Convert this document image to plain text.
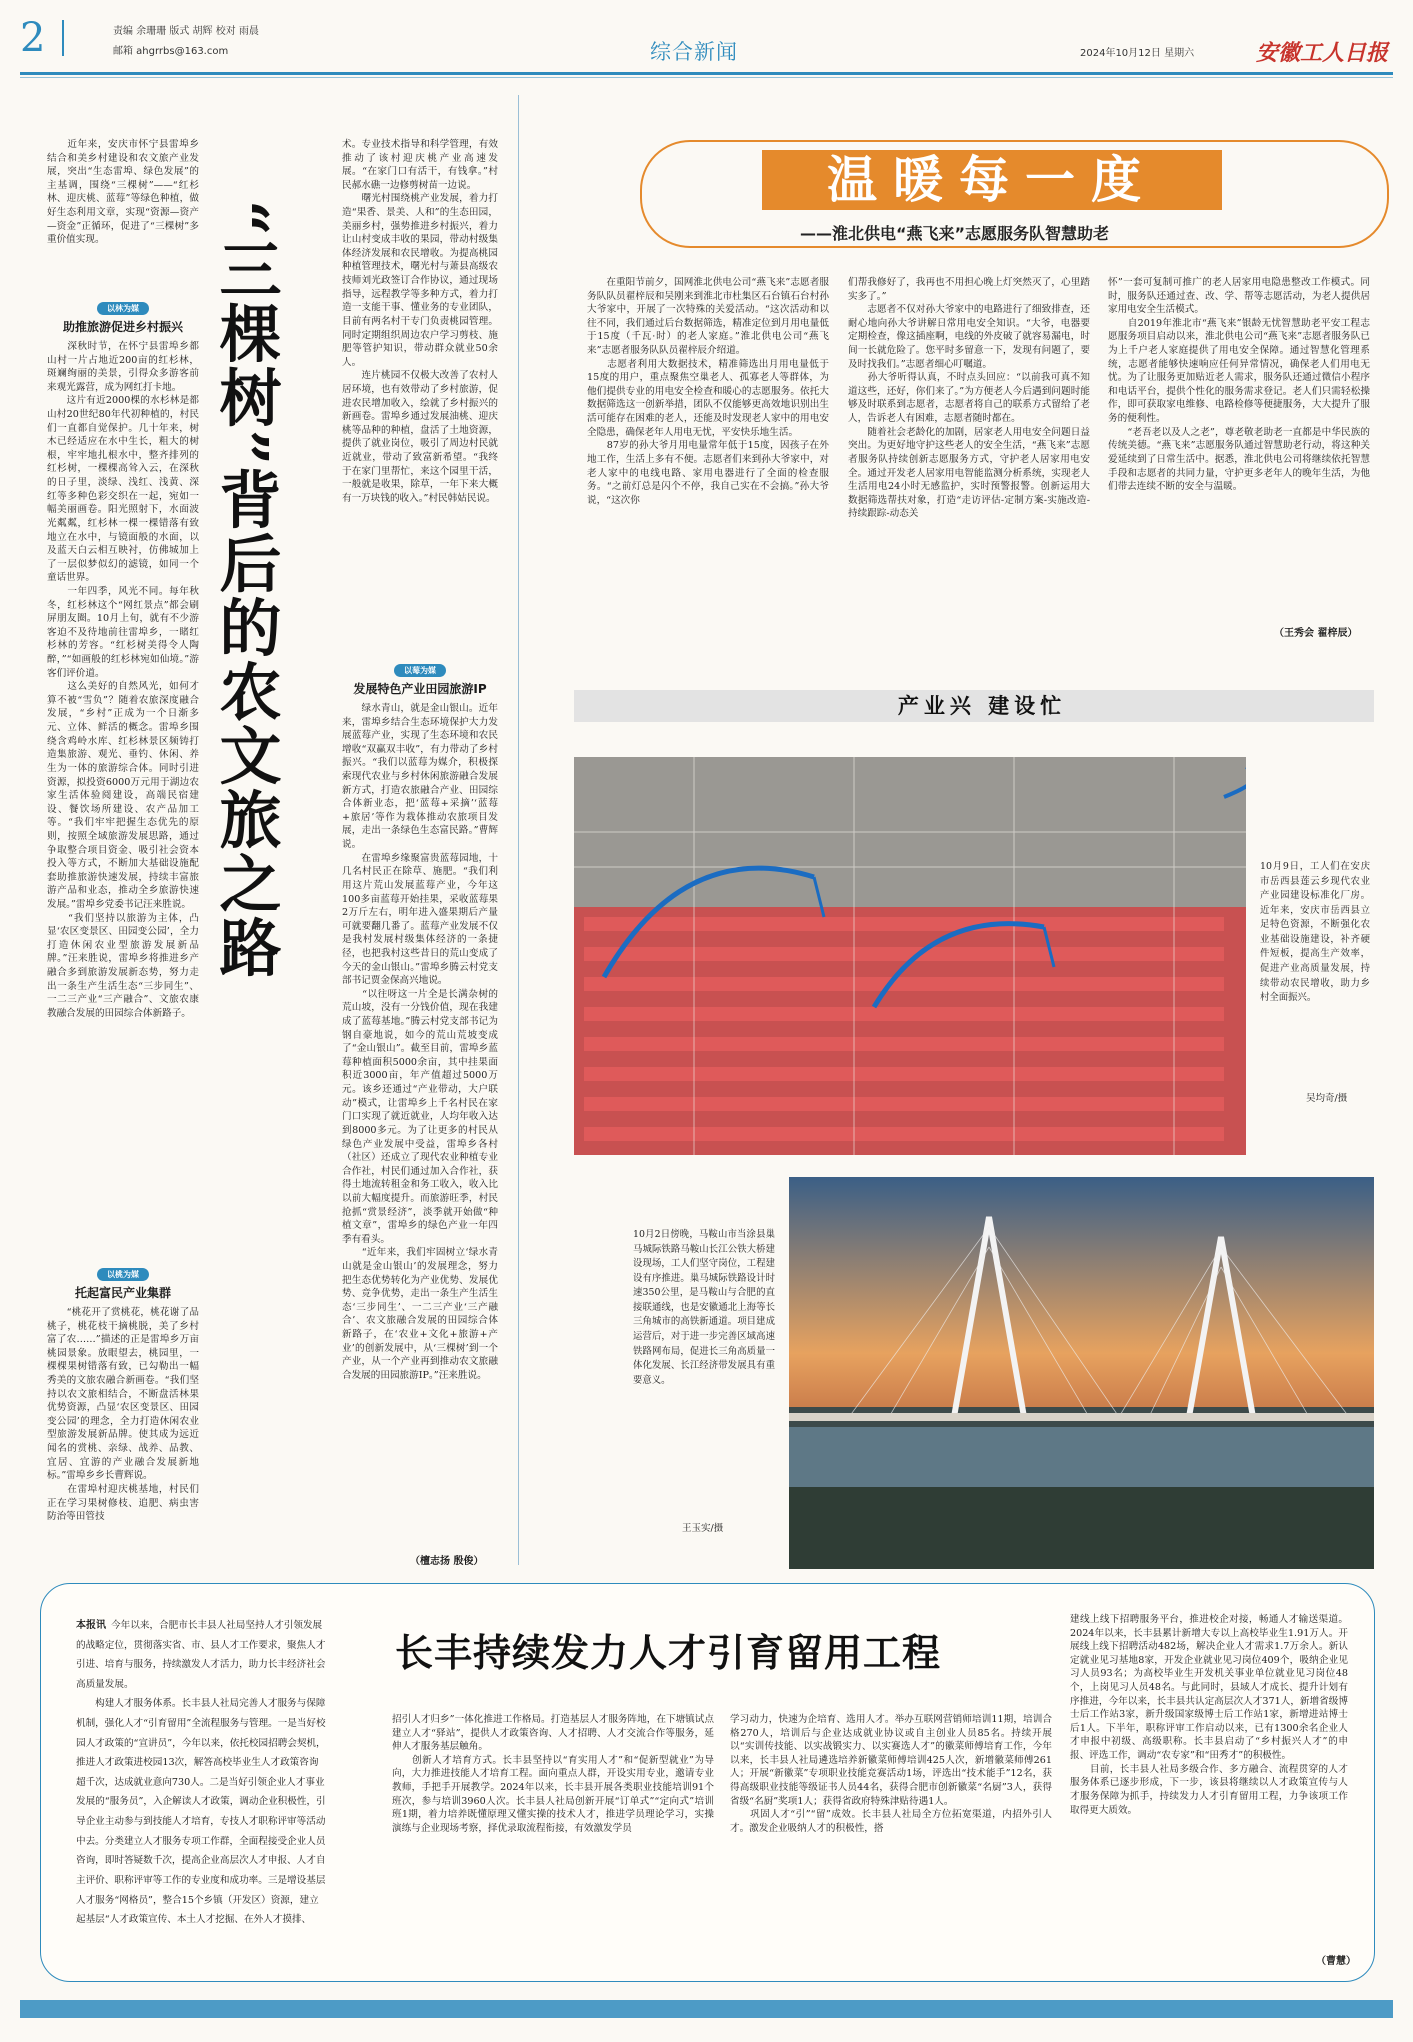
2	责编 余珊珊 版式 胡辉 校对 雨晨
邮箱 ahgrrbs@163.com	综合新闻	2024年10月12日 星期六	安徽工人日报
　　近年来，安庆市怀宁县雷埠乡结合和美乡村建设和农文旅产业发展，突出“生态雷埠、绿色发展”的主基调，围绕“三棵树”——“红杉林、迎庆桃、蓝莓”等绿色种植，做好生态利用文章，实现“资源—资产—资金”正循环，促进了“三棵树”多重价值实现。
以林为媒
助推旅游促进乡村振兴
　　深秋时节，在怀宁县雷埠乡都山村一片占地近200亩的红杉林，斑斓绚丽的美景，引得众多游客前来观光露营，成为网红打卡地。
　　这片有近2000棵的水杉林是都山村20世纪80年代初种植的，村民们一直都自觉保护。几十年来，树木已经适应在水中生长，粗大的树根，牢牢地扎根水中，整齐排列的红杉树，一棵棵高耸入云，在深秋的日子里，淡绿、浅红、浅黄、深红等多种色彩交织在一起，宛如一幅美丽画卷。阳光照射下，水面波光粼粼，红杉林一棵一棵错落有致地立在水中，与镜面般的水面，以及蓝天白云相互映衬，仿佛城加上了一层似梦似幻的滤镜，如同一个童话世界。
　　一年四季，风光不同。每年秋冬，红杉林这个“网红景点”都会刷屏朋友圈。10月上旬，就有不少游客迫不及待地前往雷埠乡，一睹红杉林的芳容。“红杉树美得令人陶醉，”“如画般的红杉林宛如仙境。”游客们评价道。
　　这么美好的自然风光，如何才算不被“雪负”？随着农旅深度融合发展，“乡村”正成为一个日渐多元、立体、鲜活的概念。雷埠乡围绕含鸡岭水库、红杉林景区频铸打造集旅游、观光、垂钓、休闲、养生为一体的旅游综合体。同时引进资源，拟投资6000万元用于湖边农家生活体验阅建设，高端民宿建设、餐饮场所建设、农产品加工等。“我们牢牢把握生态优先的原则，按照全域旅游发展思路，通过争取整合项目资金、吸引社会资本投入等方式，不断加大基础设施配套助推旅游快速发展，持续丰富旅游产品和业态，推动全乡旅游快速发展。”雷埠乡党委书记汪来胜说。
　　“我们坚持以旅游为主体，凸显‘农区变景区、田园变公园’，全力打造休闲农业型旅游发展新品牌。”汪来胜说，雷埠乡将推进乡产融合多到旅游发展新态势，努力走出一条生产生活生态“三步同生”、一二三产业“三产融合”、文旅农康教融合发展的田园综合体新路子。
以桃为媒
托起富民产业集群
　　“桃花开了赏桃花，桃花谢了品桃子，桃花枝干摘桃脱，美了乡村富了农……”描述的正是雷埠乡万亩桃园景象。放眼望去，桃园里，一棵棵果树错落有致，已勾勒出一幅秀美的文旅农融合新画卷。“我们坚持以农文旅相结合，不断盘活林果优势资源，凸显‘农区变景区、田园变公园’的理念，全力打造休闲农业型旅游发展新品牌。使其成为远近闻名的赏桃、亲绿、战养、品教、宜居、宜游的产业融合发展新地标。”雷埠乡乡长曹辉说。
　　在雷埠村迎庆桃基地，村民们正在学习果树修枝、追肥、病虫害防治等田管技
“三棵树”背后的农文旅之路
术。专业技术指导和科学管理，有效推动了该村迎庆桃产业高速发展。“在家门口有活干，有钱拿。”村民郝水礁一边修剪树苗一边说。
　　曙光村围绕桃产业发展，着力打造“果香、景美、人和”的生态田园，美丽乡村，强势推进乡村振兴，着力让山村变成丰收的果园，带动村级集体经济发展和农民增收。为提高桃园种植管理技术，曙光村与萧县高级农技师刘光政签订合作协议，通过现场指导，远程教学等多种方式，着力打造一支能干事、懂业务的专业团队，目前有两名村干专门负责桃园管理。同时定期组织周边农户学习剪枝、施肥等管护知识，带动群众就业50余人。
　　连片桃园不仅极大改善了农村人居环境，也有效带动了乡村旅游，促进农民增加收入，绘就了乡村振兴的新画卷。雷埠乡通过发展油桃、迎庆桃等品种的种植，盘活了土地资源，提供了就业岗位，吸引了周边村民就近就业，带动了致富新希望。“我终于在家门里帮忙，来这个园里干活，一般就是收果，除草，一年下来大概有一万块钱的收入。”村民韩姑民说。
以莓为媒
发展特色产业田园旅游IP
　　绿水青山，就是金山银山。近年来，雷埠乡结合生态环境保护大力发展蓝莓产业，实现了生态环境和农民增收“双赢双丰收”，有力带动了乡村振兴。“我们以蓝莓为媒介，积极探索现代农业与乡村休闲旅游融合发展新方式，打造农旅融合产业、田园综合体新业态，把‘蓝莓+采摘’‘蓝莓+旅居’等作为栽体推动农旅项目发展，走出一条绿色生态富民路。”曹辉说。
　　在雷埠乡缘聚富贵蓝莓园地，十几名村民正在除草、施肥。“我们利用这片荒山发展蓝莓产业，今年这100多亩蓝莓开始挂果，采收蓝莓果2万斤左右，明年进入盛果期后产量可就要翻几番了。蓝莓产业发展不仅是我村发展村级集体经济的一条捷径，也把我村这些昔日的荒山变成了今天的金山银山。”雷埠乡腾云村党支部书记贾金保高兴地说。
　　“以往呀这一片全是长满杂树的荒山坡，没有一分钱价值，现在我建成了蓝莓基地。”腾云村党支部书记为钢自豪地说，如今的荒山荒坡变成了“金山银山”。截至目前，雷埠乡蓝莓种植面积5000余亩，其中挂果面积近3000亩，年产值超过5000万元。该乡还通过“产业带动，大户联动”模式，让雷埠乡上千名村民在家门口实现了就近就业，人均年收入达到8000多元。为了让更多的村民从绿色产业发展中受益，雷埠乡各村（社区）还成立了现代农业种植专业合作社，村民们通过加入合作社，获得土地流转租金和务工收入，收入比以前大幅度提升。而旅游旺季，村民抢抓“赏景经济”，淡季就开始做“种植文章”，雷埠乡的绿色产业一年四季有看头。
　　“近年来，我们牢固树立‘绿水青山就是金山银山’的发展理念，努力把生态优势转化为产业优势、发展优势、竞争优势，走出一条生产生活生态‘三步同生’、一二三产业‘三产融合’、农文旅融合发展的田园综合体新路子，在‘农业+文化+旅游+产业’的创新发展中，从‘三棵树’到一个产业，从一个产业再到推动农文旅融合发展的田园旅游IP。”汪来胜说。
（檀志扬 殷俊）
温暖每一度
——淮北供电“燕飞来”志愿服务队智慧助老
　　在重阳节前夕，国网淮北供电公司“燕飞来”志愿者服务队队员翟梓辰和吴刚来到淮北市杜集区石台镇石台村孙大爷家中，开展了一次特殊的关爱活动。“这次活动和以往不同，我们通过后台数据筛选，精准定位到月用电量低于15度（千瓦·时）的老人家庭。”淮北供电公司“燕飞来”志愿者服务队队员翟梓辰介绍道。
　　志愿者利用大数据技术，精准筛选出月用电量低于15度的用户，重点聚焦空巢老人、孤寡老人等群体，为他们提供专业的用电安全检查和暖心的志愿服务。依托大数据筛选这一创新举措，团队不仅能够更高效地识别出生活可能存在困难的老人，还能及时发现老人家中的用电安全隐患，确保老年人用电无忧，平安快乐地生活。
　　87岁的孙大爷月用电量常年低于15度，因孩子在外地工作，生活上多有不便。志愿者们来到孙大爷家中，对老人家中的电线电路、家用电器进行了全面的检查服务。“之前灯总是闪个不停，我自己实在不会搞。”孙大爷说，“这次你
们帮我修好了，我再也不用担心晚上灯突然灭了，心里踏实多了。”
　　志愿者不仅对孙大爷家中的电路进行了细致排查，还耐心地向孙大爷讲解日常用电安全知识。“大爷，电器要定期检查，像这插座啊，电线的外皮破了就容易漏电，时间一长就危险了。您平时多留意一下，发现有问题了，要及时找我们。”志愿者细心叮嘱道。
　　孙大爷听得认真，不时点头回应：“以前我可真不知道这些，还好，你们来了。”为方便老人今后遇到问题时能够及时联系到志愿者，志愿者将自己的联系方式留给了老人，告诉老人有困难，志愿者随时都在。
　　随着社会老龄化的加剧，居家老人用电安全问题日益突出。为更好地守护这些老人的安全生活，“燕飞来”志愿者服务队持续创新志愿服务方式，守护老人居家用电安全。通过开发老人居家用电智能监测分析系统，实现老人生活用电24小时无感监护，实时预警报警。创新运用大数据筛选帮扶对象，打造“走访评估-定制方案-实施改造-持续跟踪-动态关
怀”一套可复制可推广的老人居家用电隐患整改工作模式。同时，服务队还通过查、改、学、帮等志愿活动，为老人提供居家用电安全生活模式。
　　自2019年淮北市“燕飞来”银龄无忧智慧助老平安工程志愿服务项目启动以来，淮北供电公司“燕飞来”志愿者服务队已为上千户老人家庭提供了用电安全保障。通过智慧化管理系统，志愿者能够快速响应任何异常情况，确保老人们用电无忧。为了让服务更加贴近老人需求，服务队还通过微信小程序和电话平台，提供个性化的服务需求登记。老人们只需轻松操作，即可获取家电维修、电路检修等便捷服务，大大提升了服务的便利性。
　　“老吾老以及人之老”，尊老敬老助老一直都是中华民族的传统美德。“燕飞来”志愿服务队通过智慧助老行动，将这种关爱延续到了日常生活中。据悉，淮北供电公司将继续依托智慧手段和志愿者的共同力量，守护更多老年人的晚年生活，为他们带去连续不断的安全与温暖。
（王秀会 翟梓辰）
产业兴 建设忙
10月9日，工人们在安庆市岳西县莲云乡现代农业产业园建设标准化厂房。近年来，安庆市岳西县立足特色资源，不断强化农业基础设施建设，补齐硬件短板，提高生产效率，促进产业高质量发展，持续带动农民增收，助力乡村全面振兴。
吴均奇/摄
10月2日傍晚，马鞍山市当涂县巢马城际铁路马鞍山长江公铁大桥建设现场，工人们坚守岗位，工程建设有序推进。巢马城际铁路设计时速350公里，是马鞍山与合肥的直接联通线，也是安徽通北上海等长三角城市的高铁新通道。项目建成运营后，对于进一步完善区域高速铁路网布局，促进长三角高质量一体化发展、长江经济带发展具有重要意义。
王玉实/摄
长丰持续发力人才引育留用工程
本报讯 今年以来，合肥市长丰县人社局坚持人才引领发展的战略定位，贯彻落实省、市、县人才工作要求，聚焦人才引进、培育与服务，持续激发人才活力，助力长丰经济社会高质量发展。
　　构建人才服务体系。长丰县人社局完善人才服务与保障机制，强化人才“引育留用”全流程服务与管理。一是当好校园人才政策的“宣讲员”，今年以来，依托校园招聘会契机，推进人才政策进校园13次，解答高校毕业生人才政策咨询超千次，达成就业意向730人。二是当好引领企业人才事业发展的“服务员”，入企解读人才政策，调动企业积极性，引导企业主动参与到技能人才培育，专技人才职称评审等活动中去。分类建立人才服务专项工作群，全面程接受企业人员咨询，即时答疑数千次，提高企业高层次人才申报、人才自主评价、职称评审等工作的专业度和成功率。三是增设基层人才服务“网格员”，整合15个乡镇（开发区）资源，建立起基层“人才政策宣传、本土人才挖掘、在外人才摸排、
招引人才归乡”一体化推进工作格局。打造基层人才服务阵地，在下塘镇试点建立人才“驿站”，提供人才政策咨询、人才招聘、人才交流合作等服务，延伸人才服务基层触角。
　　创新人才培育方式。长丰县坚持以“育实用人才”和“促新型就业”为导向，大力推进技能人才培育工程。面向重点人群，开设实用专业，邀请专业教师，手把手开展教学。2024年以来，长丰县开展各类职业技能培训91个班次，参与培训3960人次。长丰县人社局创新开展“订单式”“定向式”培训班1期，着力培养既懂原理又懂实操的技术人才，推进学员理论学习，实操演练与企业现场考察，择优录取流程衔接，有效激发学员
学习动力，快速为企培育、选用人才。举办互联网营销师培训11期，培训合格270人，培训后与企业达成就业协议或自主创业人员85名。持续开展以“实训传技能、以实战锻实力、以实赛选人才”的徽菜师傅培育工作，今年以来，长丰县人社局遴选培养新徽菜师傅培训425人次，新增徽菜师傅261人；开展“新徽菜”专项职业技能竞赛活动1场，评选出“技术能手”12名，获得高级职业技能等级证书人员44名，获得合肥市创新徽菜“名厨”3人，获得省级“名厨”奖项1人；获得省政府特殊津贴待遇1人。
　　巩固人才“引”“留”成效。长丰县人社局全方位拓宽渠道，内招外引人才。激发企业吸纳人才的积极性，搭
建线上线下招聘服务平台，推进校企对接，畅通人才输送渠道。2024年以来，长丰县累计新增大专以上高校毕业生1.91万人。开展线上线下招聘活动482场，解决企业人才需求1.7万余人。新认定就业见习基地8家，开发企业就业见习岗位409个，吸纳企业见习人员93名；为高校毕业生开发机关事业单位就业见习岗位48个，上岗见习人员48名。与此同时，县域人才成长、提升计划有序推进，今年以来，长丰县共认定高层次人才371人，新增省级博士后工作站3家，新升级国家级博士后工作站1家，新增进站博士后1人。下半年，职称评审工作启动以来，已有1300余名企业人才申报中初级、高级职称。长丰县启动了“乡村振兴人才”的申报、评选工作，调动“农专家”和“田秀才”的积极性。
　　目前，长丰县人社局多级合作、多方融合、流程贯穿的人才服务体系已逐步形成，下一步，该县将继续以人才政策宣传与人才服务保障为抓手，持续发力人才引育留用工程，力争该项工作取得更大质效。
（曹慧）
